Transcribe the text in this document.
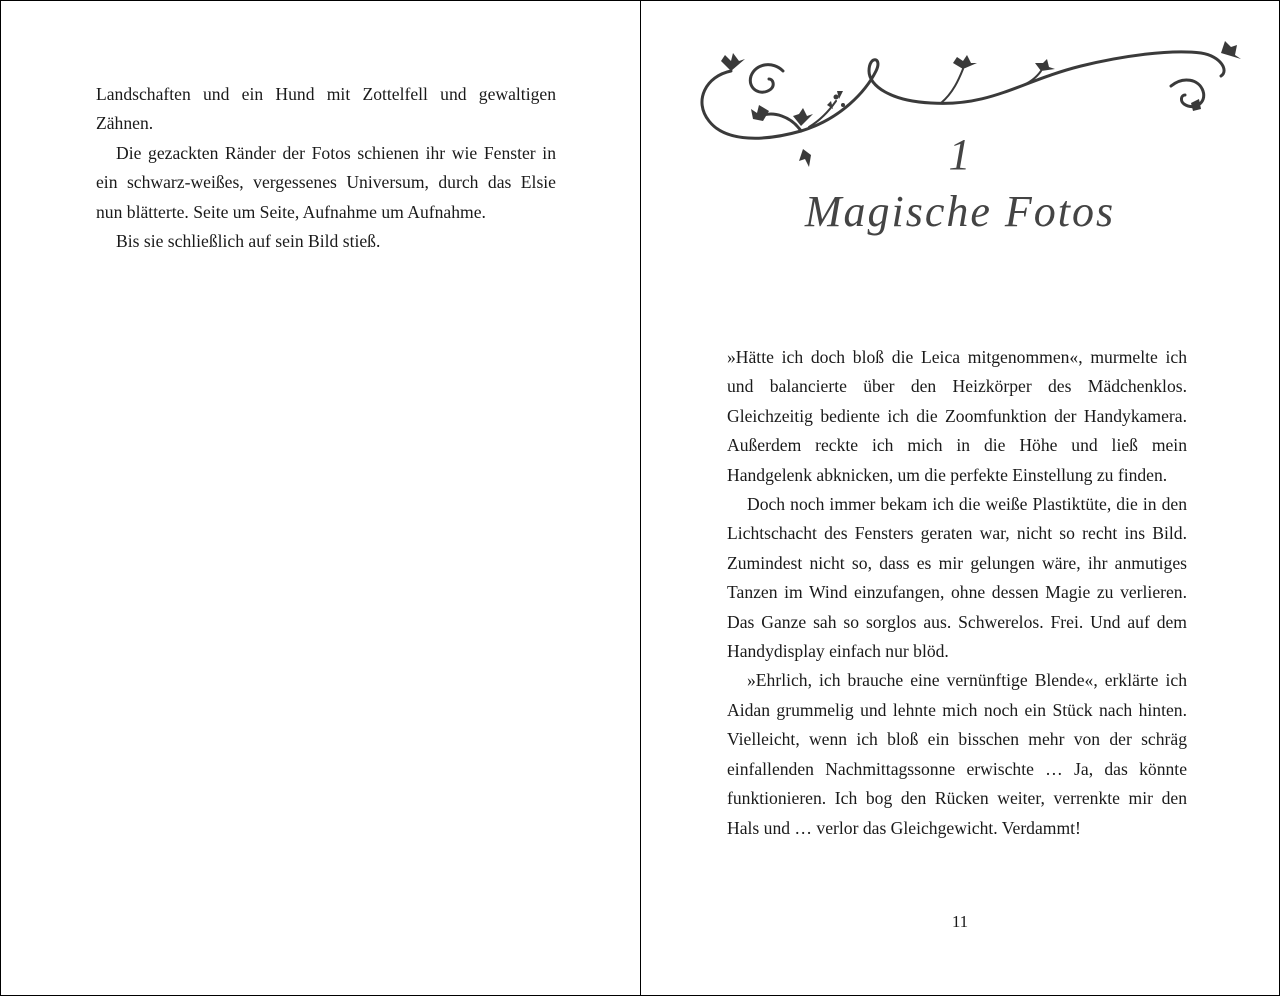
Landschaften und ein Hund mit Zottelfell und gewaltigen Zähnen.

Die gezackten Ränder der Fotos schienen ihr wie Fenster in ein schwarz-weißes, vergessenes Universum, durch das Elsie nun blätterte. Seite um Seite, Aufnahme um Aufnahme.

Bis sie schließlich auf sein Bild stieß.

1
Magische Fotos

»Hätte ich doch bloß die Leica mitgenommen«, murmelte ich und balancierte über den Heizkörper des Mädchenklos. Gleichzeitig bediente ich die Zoomfunktion der Handykamera. Außerdem reckte ich mich in die Höhe und ließ mein Handgelenk abknicken, um die perfekte Einstellung zu finden.

Doch noch immer bekam ich die weiße Plastiktüte, die in den Lichtschacht des Fensters geraten war, nicht so recht ins Bild. Zumindest nicht so, dass es mir gelungen wäre, ihr anmutiges Tanzen im Wind einzufangen, ohne dessen Magie zu verlieren. Das Ganze sah so sorglos aus. Schwerelos. Frei. Und auf dem Handydisplay einfach nur blöd.

»Ehrlich, ich brauche eine vernünftige Blende«, erklärte ich Aidan grummelig und lehnte mich noch ein Stück nach hinten. Vielleicht, wenn ich bloß ein bisschen mehr von der schräg einfallenden Nachmittagssonne erwischte … Ja, das könnte funktionieren. Ich bog den Rücken weiter, verrenkte mir den Hals und … verlor das Gleichgewicht. Verdammt!

11
